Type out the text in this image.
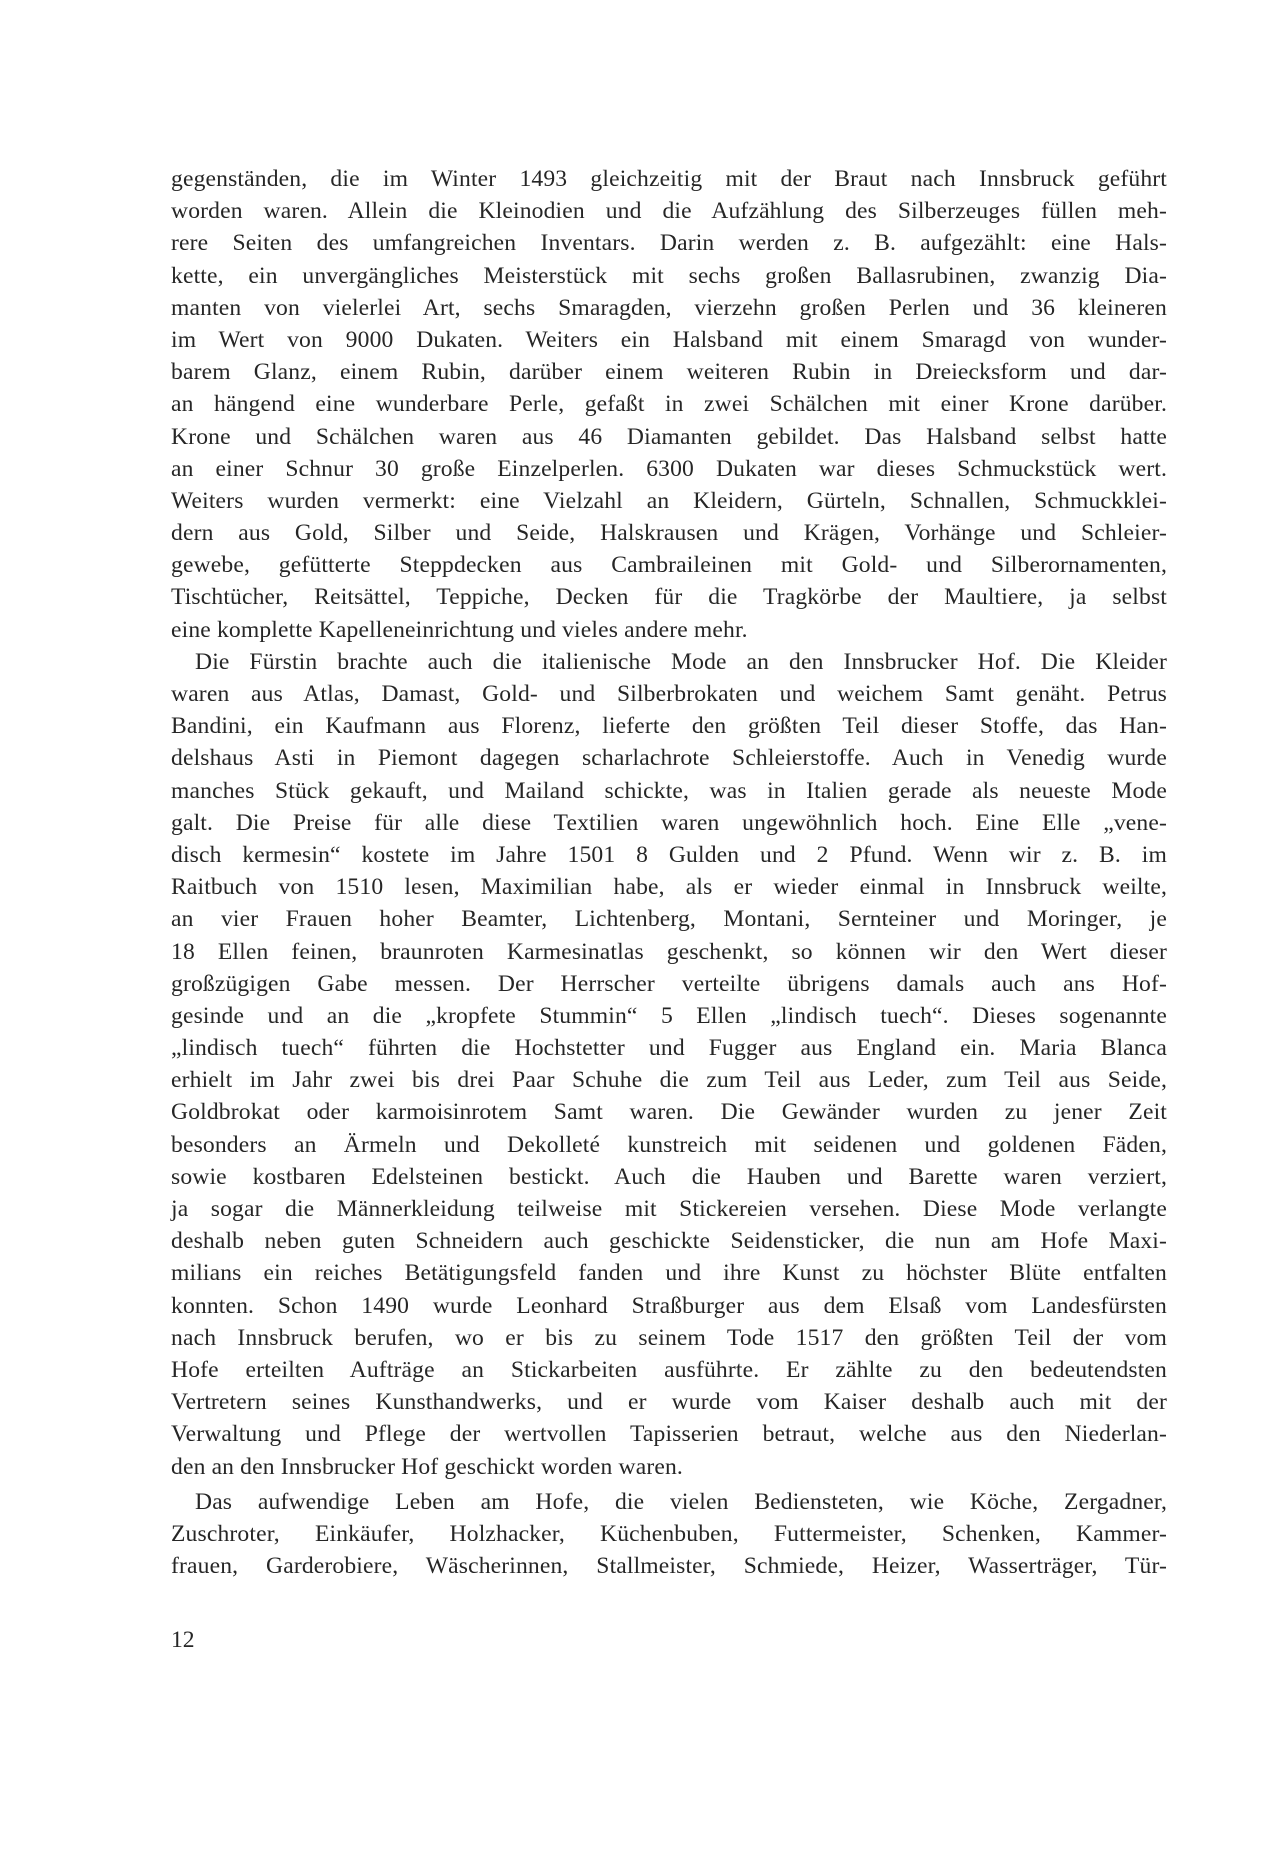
gegenständen, die im Winter 1493 gleichzeitig mit der Braut nach Innsbruck geführt
worden waren. Allein die Kleinodien und die Aufzählung des Silberzeuges füllen meh-
rere Seiten des umfangreichen Inventars. Darin werden z. B. aufgezählt: eine Hals-
kette, ein unvergängliches Meisterstück mit sechs großen Ballasrubinen, zwanzig Dia-
manten von vielerlei Art, sechs Smaragden, vierzehn großen Perlen und 36 kleineren
im Wert von 9000 Dukaten. Weiters ein Halsband mit einem Smaragd von wunder-
barem Glanz, einem Rubin, darüber einem weiteren Rubin in Dreiecksform und dar-
an hängend eine wunderbare Perle, gefaßt in zwei Schälchen mit einer Krone darüber.
Krone und Schälchen waren aus 46 Diamanten gebildet. Das Halsband selbst hatte
an einer Schnur 30 große Einzelperlen. 6300 Dukaten war dieses Schmuckstück wert.
Weiters wurden vermerkt: eine Vielzahl an Kleidern, Gürteln, Schnallen, Schmuckklei-
dern aus Gold, Silber und Seide, Halskrausen und Krägen, Vorhänge und Schleier-
gewebe, gefütterte Steppdecken aus Cambraileinen mit Gold- und Silberornamenten,
Tischtücher, Reitsättel, Teppiche, Decken für die Tragkörbe der Maultiere, ja selbst
eine komplette Kapelleneinrichtung und vieles andere mehr.
Die Fürstin brachte auch die italienische Mode an den Innsbrucker Hof. Die Kleider
waren aus Atlas, Damast, Gold- und Silberbrokaten und weichem Samt genäht. Petrus
Bandini, ein Kaufmann aus Florenz, lieferte den größten Teil dieser Stoffe, das Han-
delshaus Asti in Piemont dagegen scharlachrote Schleierstoffe. Auch in Venedig wurde
manches Stück gekauft, und Mailand schickte, was in Italien gerade als neueste Mode
galt. Die Preise für alle diese Textilien waren ungewöhnlich hoch. Eine Elle „vene-
disch kermesin“ kostete im Jahre 1501 8 Gulden und 2 Pfund. Wenn wir z. B. im
Raitbuch von 1510 lesen, Maximilian habe, als er wieder einmal in Innsbruck weilte,
an vier Frauen hoher Beamter, Lichtenberg, Montani, Sernteiner und Moringer, je
18 Ellen feinen, braunroten Karmesinatlas geschenkt, so können wir den Wert dieser
großzügigen Gabe messen. Der Herrscher verteilte übrigens damals auch ans Hof-
gesinde und an die „kropfete Stummin“ 5 Ellen „lindisch tuech“. Dieses sogenannte
„lindisch tuech“ führten die Hochstetter und Fugger aus England ein. Maria Blanca
erhielt im Jahr zwei bis drei Paar Schuhe die zum Teil aus Leder, zum Teil aus Seide,
Goldbrokat oder karmoisinrotem Samt waren. Die Gewänder wurden zu jener Zeit
besonders an Ärmeln und Dekolleté kunstreich mit seidenen und goldenen Fäden,
sowie kostbaren Edelsteinen bestickt. Auch die Hauben und Barette waren verziert,
ja sogar die Männerkleidung teilweise mit Stickereien versehen. Diese Mode verlangte
deshalb neben guten Schneidern auch geschickte Seidensticker, die nun am Hofe Maxi-
milians ein reiches Betätigungsfeld fanden und ihre Kunst zu höchster Blüte entfalten
konnten. Schon 1490 wurde Leonhard Straßburger aus dem Elsaß vom Landesfürsten
nach Innsbruck berufen, wo er bis zu seinem Tode 1517 den größten Teil der vom
Hofe erteilten Aufträge an Stickarbeiten ausführte. Er zählte zu den bedeutendsten
Vertretern seines Kunsthandwerks, und er wurde vom Kaiser deshalb auch mit der
Verwaltung und Pflege der wertvollen Tapisserien betraut, welche aus den Niederlan-
den an den Innsbrucker Hof geschickt worden waren.
Das aufwendige Leben am Hofe, die vielen Bediensteten, wie Köche, Zergadner,
Zuschroter, Einkäufer, Holzhacker, Küchenbuben, Futtermeister, Schenken, Kammer-
frauen, Garderobiere, Wäscherinnen, Stallmeister, Schmiede, Heizer, Wasserträger, Tür-
12
